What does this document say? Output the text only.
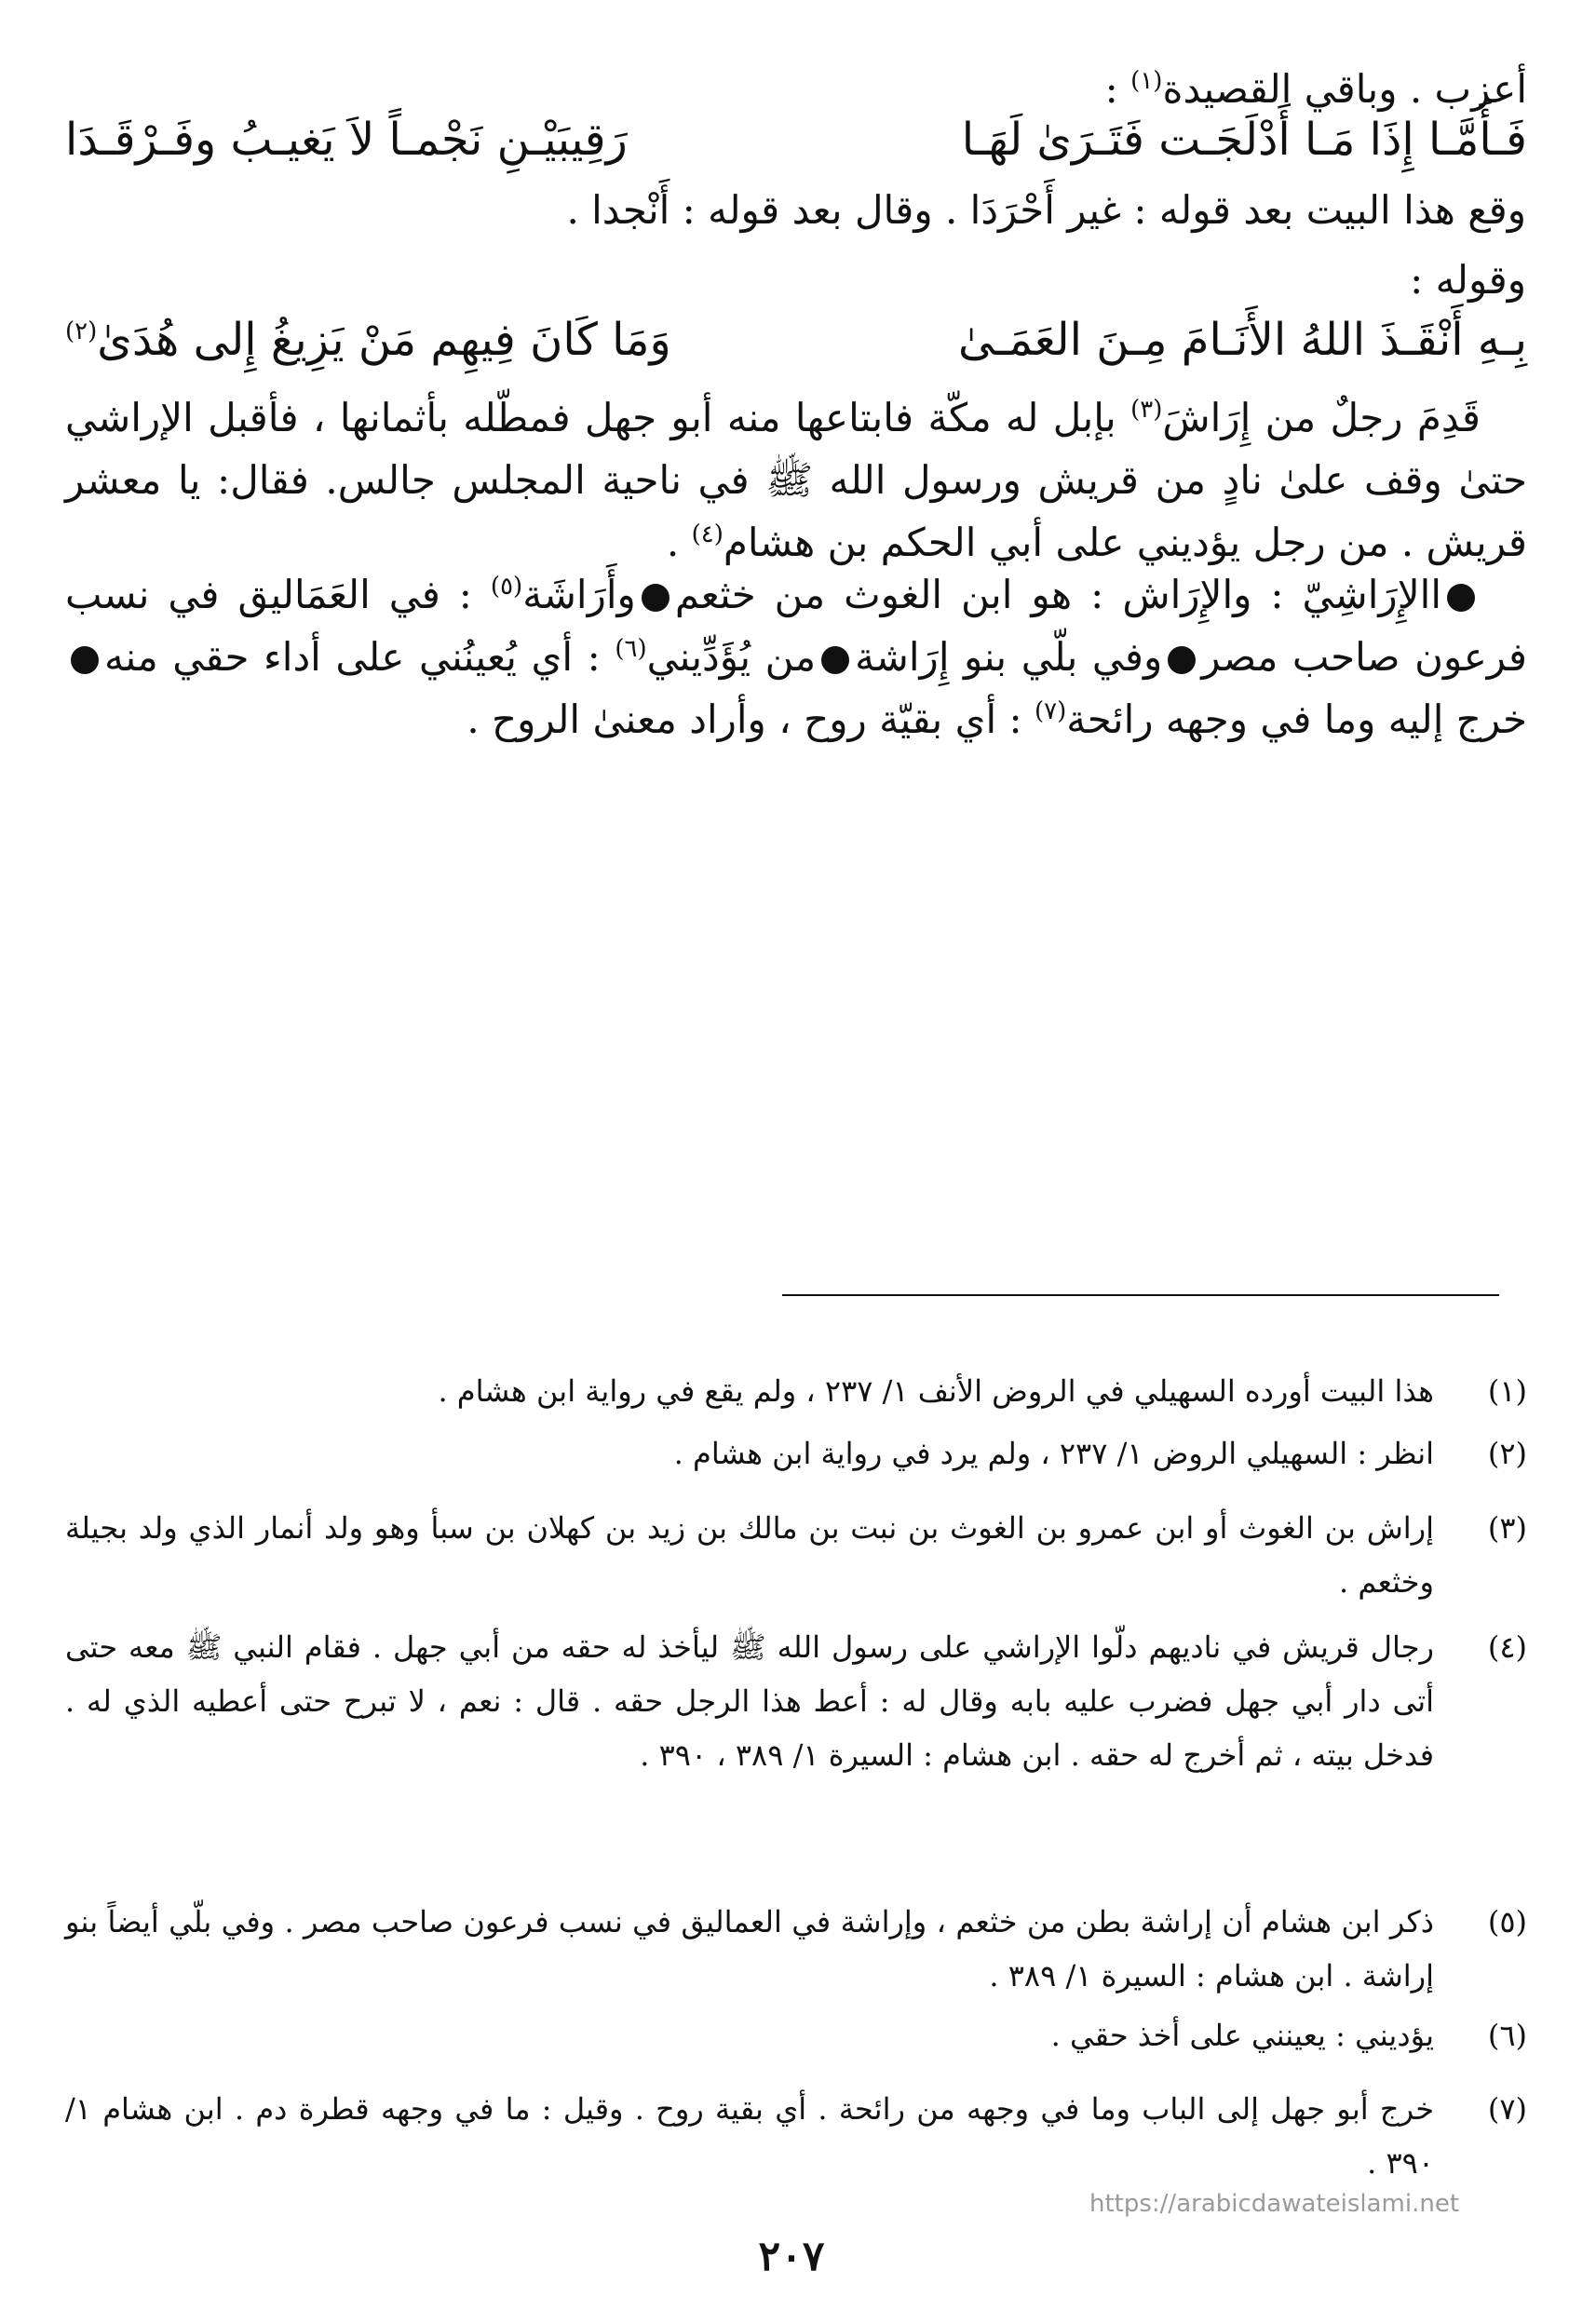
أعزب . وباقي القصيدة$^{(١)}$ :
فَـأَمَّـا إِذَا مَـا أَدْلَجَـت فَتَـرَىٰ لَهَـا
رَقِيبَيْـنِ نَجْمـاً لاَ يَغيـبُ وفَـرْقَـدَا
وقع هذا البيت بعد قوله : غير أَحْرَدَا . وقال بعد قوله : أَنْجدا .
وقوله :
بِـهِ أَنْقَـذَ اللهُ الأَنَـامَ مِـنَ العَمَـىٰ
وَمَا كَانَ فِيهِم مَنْ يَزِيغُ إِلى هُدَىٰ$^{(٢)}$
قَدِمَ رجلٌ من إِرَاشَ$^{(٣)}$ بإبل له مكّة فابتاعها منه أبو جهل فمطّله بأثمانها ، فأقبل الإراشي حتىٰ وقف علىٰ نادٍ من قريش ورسول الله ﷺ في ناحية المجلس جالس. فقال: يا معشر قريش . من رجل يؤديني على أبي الحكم بن هشام$^{(٤)}$ .
االإِرَاشِيّ : والإِرَاش : هو ابن الغوث من خثعموأَرَاشَة$^{(٥)}$ : في العَمَاليق في نسب فرعون صاحب مصروفي بلّي بنو إِرَاشةمن يُؤَدِّيني$^{(٦)}$ : أي يُعينُني على أداء حقي منهخرج إليه وما في وجهه رائحة$^{(٧)}$ : أي بقيّة روح ، وأراد معنىٰ الروح .
(١)
هذا البيت أورده السهيلي في الروض الأنف ١/ ٢٣٧ ، ولم يقع في رواية ابن هشام .
(٢)
انظر : السهيلي الروض ١/ ٢٣٧ ، ولم يرد في رواية ابن هشام .
(٣)
إراش بن الغوث أو ابن عمرو بن الغوث بن نبت بن مالك بن زيد بن كهلان بن سبأ وهو ولد أنمار الذي ولد بجيلة وخثعم .
(٤)
رجال قريش في ناديهم دلّوا الإراشي على رسول الله ﷺ ليأخذ له حقه من أبي جهل . فقام النبي ﷺ معه حتى أتى دار أبي جهل فضرب عليه بابه وقال له : أعط هذا الرجل حقه . قال : نعم ، لا تبرح حتى أعطيه الذي له . فدخل بيته ، ثم أخرج له حقه . ابن هشام : السيرة ١/ ٣٨٩ ، ٣٩٠ .
(٥)
ذكر ابن هشام أن إراشة بطن من خثعم ، وإراشة في العماليق في نسب فرعون صاحب مصر . وفي بلّي أيضاً بنو إراشة . ابن هشام : السيرة ١/ ٣٨٩ .
(٦)
يؤديني : يعينني على أخذ حقي .
(٧)
خرج أبو جهل إلى الباب وما في وجهه من رائحة . أي بقية روح . وقيل : ما في وجهه قطرة دم . ابن هشام ١/ ٣٩٠ .
https://arabicdawateislami.net
٢٠٧
